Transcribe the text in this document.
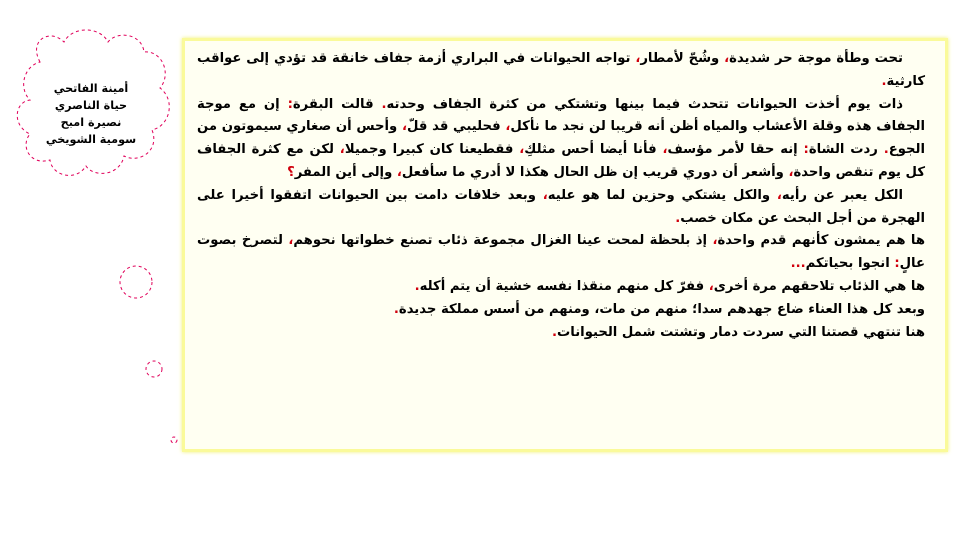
أمينة الفاتحي
حياة الناصري
نصيرة امبح
سومية الشويخي

تحت وطأة موجة حر شديدة، وشُحّ لأمطار، تواجه الحيوانات في البراري أزمة جفاف خانقة قد تؤدي إلى عواقب كارثية.

ذات يوم أخذت الحيوانات تتحدث فيما بينها وتشتكي من كثرة الجفاف وحدته. قالت البقرة: إن مع موجة الجفاف هذه وقلة الأعشاب والمياه أظن أنه قريبا لن نجد ما نأكل، فحليبي قد قلّ، وأحس أن صغاري سيموتون من الجوع. ردت الشاة: إنه حقا لأمر مؤسف، فأنا أيضا أحس مثلكِ، فقطيعنا كان كبيرا وجميلا، لكن مع كثرة الجفاف كل يوم تنقص واحدة، وأشعر أن دوري قريب إن ظل الحال هكذا لا أدري ما سأفعل، وإلى أين المفر؟

الكل يعبر عن رأيه، والكل يشتكي وحزين لما هو عليه، وبعد خلافات دامت بين الحيوانات اتفقوا أخيرا على الهجرة من أجل البحث عن مكان خصب.

ها هم يمشون كأنهم قدم واحدة، إذ بلحظة لمحت عينا الغزال مجموعة ذئاب تصنع خطواتها نحوهم، لتصرخ بصوت عالٍ: انجوا بحياتكم...

ها هي الذئاب تلاحقهم مرة أخرى، ففرّ كل منهم منقذا نفسه خشية أن يتم أكله.

وبعد كل هذا العناء ضاع جهدهم سدا؛ منهم من مات، ومنهم من أسس مملكة جديدة.

هنا تنتهي قصتنا التي سردت دمار وتشتت شمل الحيوانات.
